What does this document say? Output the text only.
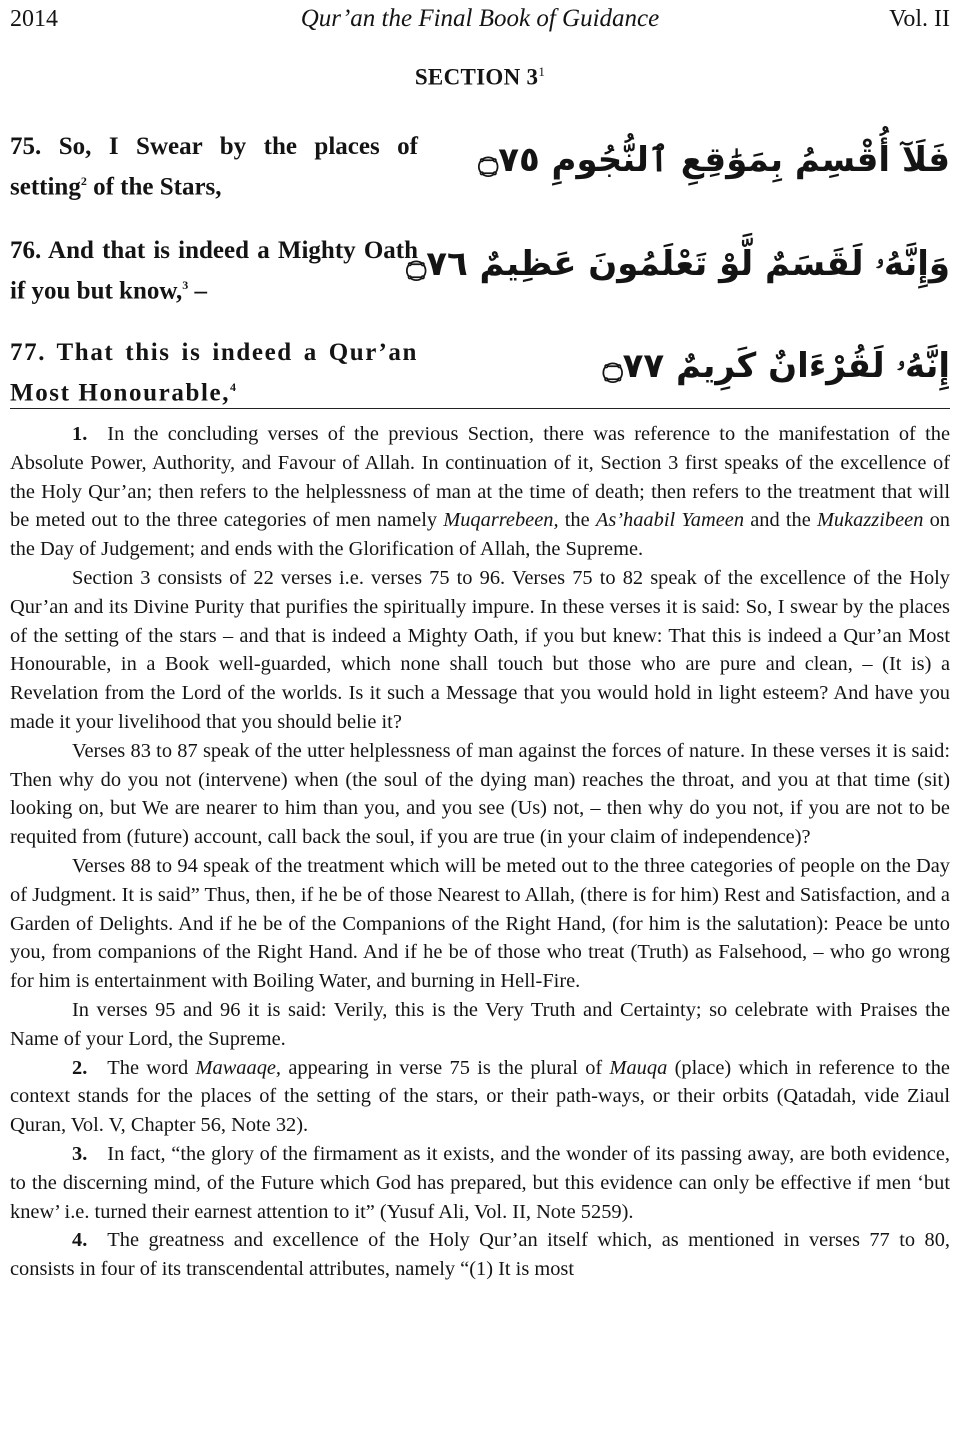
2014	Qur’an the Final Book of Guidance	Vol. II
SECTION $3^1$
75. So, I Swear by the places of setting$^2$ of the Stars,
فَلَآ أُقْسِمُ بِمَوَٰقِعِ ٱلنُّجُومِ ۝٧٥
76. And that is indeed a Mighty Oath if you but know,$^3$ –
وَإِنَّهُۥ لَقَسَمٌ لَّوْ تَعْلَمُونَ عَظِيمٌ ۝٧٦
77. That this is indeed a Qur’an Most Honourable,$^4$
إِنَّهُۥ لَقُرْءَانٌ كَرِيمٌ ۝٧٧

1. In the concluding verses of the previous Section, there was reference to the manifestation of the Absolute Power, Authority, and Favour of Allah. In continuation of it, Section 3 first speaks of the excellence of the Holy Qur’an; then refers to the helplessness of man at the time of death; then refers to the treatment that will be meted out to the three categories of men namely Muqarrebeen, the As’haabil Yameen and the Mukazzibeen on the Day of Judgement; and ends with the Glorification of Allah, the Supreme.

Section 3 consists of 22 verses i.e. verses 75 to 96. Verses 75 to 82 speak of the excellence of the Holy Qur’an and its Divine Purity that purifies the spiritually impure. In these verses it is said: So, I swear by the places of the setting of the stars – and that is indeed a Mighty Oath, if you but knew: That this is indeed a Qur’an Most Honourable, in a Book well-guarded, which none shall touch but those who are pure and clean, – (It is) a Revelation from the Lord of the worlds. Is it such a Message that you would hold in light esteem? And have you made it your livelihood that you should belie it?

Verses 83 to 87 speak of the utter helplessness of man against the forces of nature. In these verses it is said: Then why do you not (intervene) when (the soul of the dying man) reaches the throat, and you at that time (sit) looking on, but We are nearer to him than you, and you see (Us) not, – then why do you not, if you are not to be requited from (future) account, call back the soul, if you are true (in your claim of independence)?

Verses 88 to 94 speak of the treatment which will be meted out to the three categories of people on the Day of Judgment. It is said” Thus, then, if he be of those Nearest to Allah, (there is for him) Rest and Satisfaction, and a Garden of Delights. And if he be of the Companions of the Right Hand, (for him is the salutation): Peace be unto you, from companions of the Right Hand. And if he be of those who treat (Truth) as Falsehood, – who go wrong for him is entertainment with Boiling Water, and burning in Hell-Fire.

In verses 95 and 96 it is said: Verily, this is the Very Truth and Certainty; so celebrate with Praises the Name of your Lord, the Supreme.

2. The word Mawaaqe, appearing in verse 75 is the plural of Mauqa (place) which in reference to the context stands for the places of the setting of the stars, or their path-ways, or their orbits (Qatadah, vide Ziaul Quran, Vol. V, Chapter 56, Note 32).

3. In fact, “the glory of the firmament as it exists, and the wonder of its passing away, are both evidence, to the discerning mind, of the Future which God has prepared, but this evidence can only be effective if men ‘but knew’ i.e. turned their earnest attention to it” (Yusuf Ali, Vol. II, Note 5259).

4. The greatness and excellence of the Holy Qur’an itself which, as mentioned in verses 77 to 80, consists in four of its transcendental attributes, namely “(1) It is most
